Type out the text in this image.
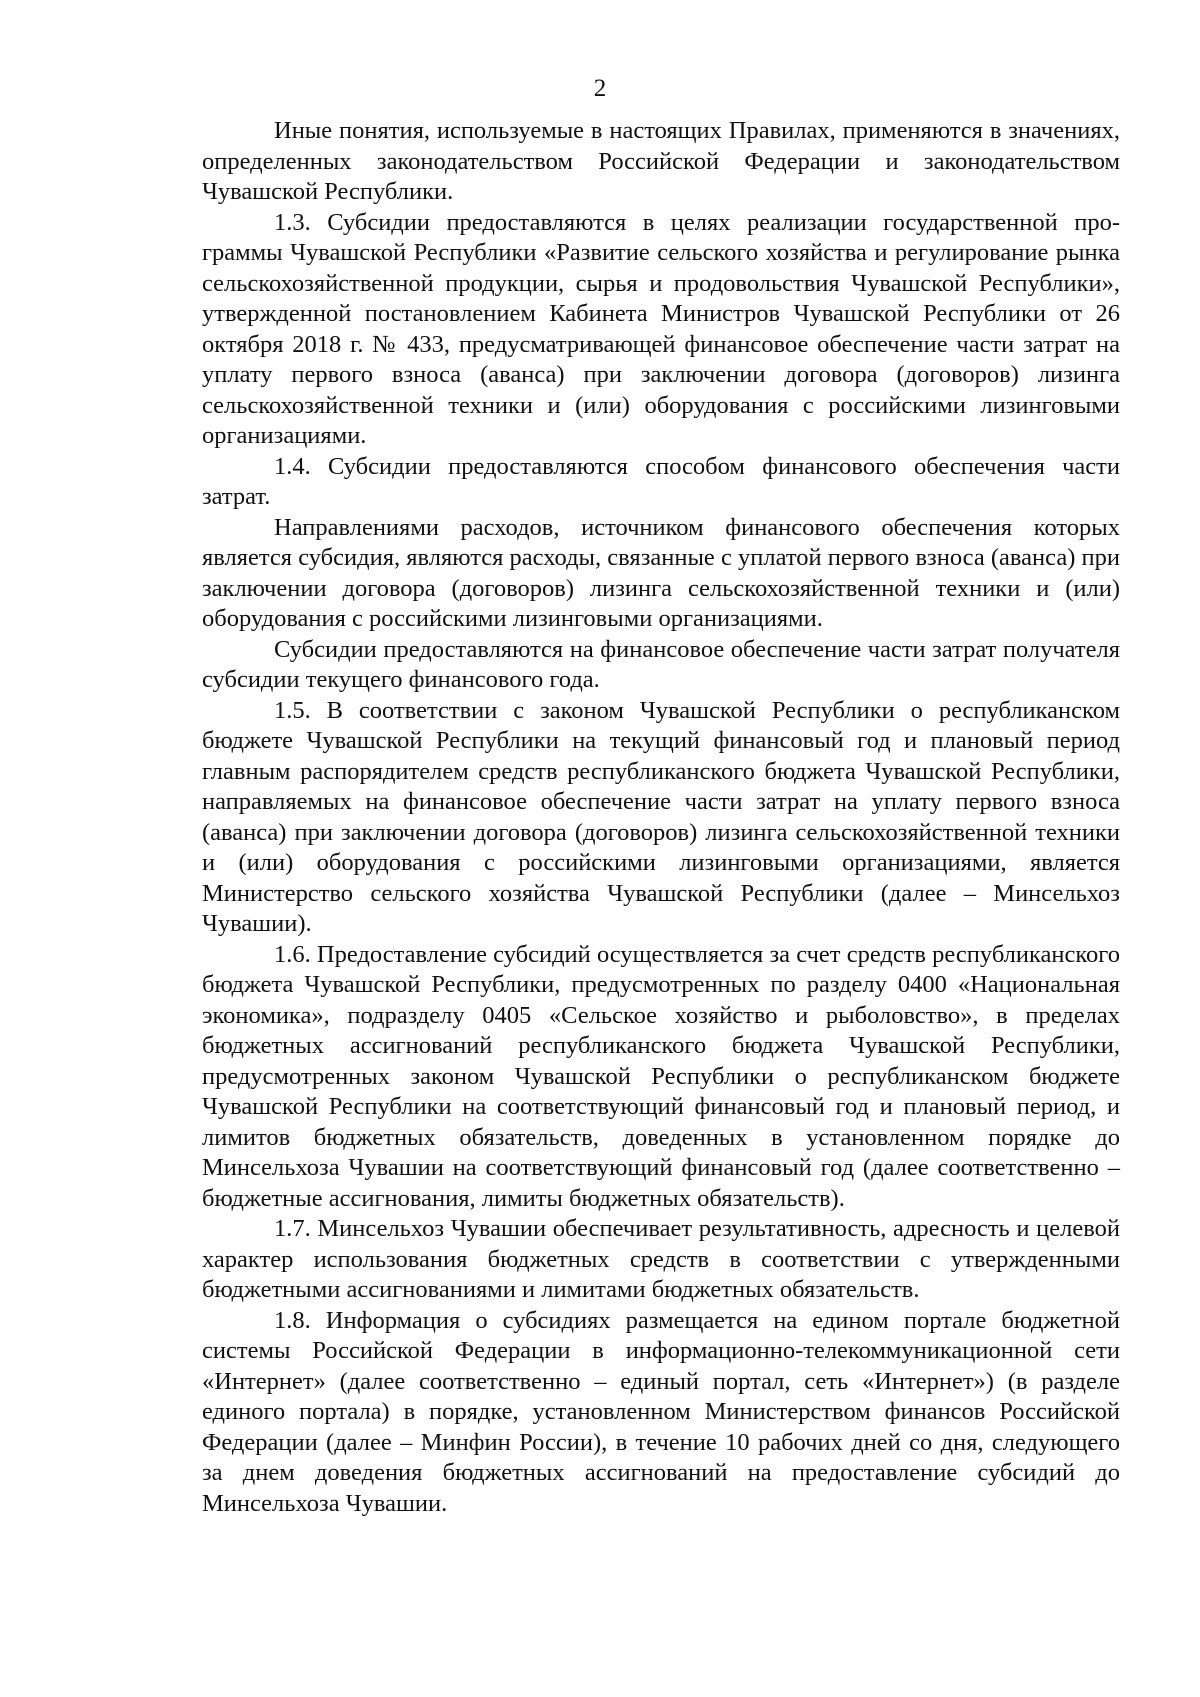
2

Иные понятия, используемые в настоящих Правилах, применяются в значениях, определенных законодательством Российской Федерации и законодательством Чувашской Республики.

1.3. Субсидии предоставляются в целях реализации государственной программы Чувашской Республики «Развитие сельского хозяйства и регулирование рынка сельскохозяйственной продукции, сырья и продовольствия Чувашской Республики», утвержденной постановлением Кабинета Министров Чувашской Республики от 26 октября 2018 г. № 433, предусматривающей финансовое обеспечение части затрат на уплату первого взноса (аванса) при заключении договора (договоров) лизинга сельскохозяйственной техники и (или) оборудования с российскими лизинговыми организациями.

1.4. Субсидии предоставляются способом финансового обеспечения части затрат.

Направлениями расходов, источником финансового обеспечения которых является субсидия, являются расходы, связанные с уплатой первого взноса (аванса) при заключении договора (договоров) лизинга сельскохозяйственной техники и (или) оборудования с российскими лизинговыми организациями.

Субсидии предоставляются на финансовое обеспечение части затрат получателя субсидии текущего финансового года.

1.5. В соответствии с законом Чувашской Республики о республиканском бюджете Чувашской Республики на текущий финансовый год и плановый период главным распорядителем средств республиканского бюджета Чувашской Республики, направляемых на финансовое обеспечение части затрат на уплату первого взноса (аванса) при заключении договора (договоров) лизинга сельскохозяйственной техники и (или) оборудования с российскими лизинговыми организациями, является Министерство сельского хозяйства Чувашской Республики (далее – Минсельхоз Чувашии).

1.6. Предоставление субсидий осуществляется за счет средств республиканского бюджета Чувашской Республики, предусмотренных по разделу 0400 «Национальная экономика», подразделу 0405 «Сельское хозяйство и рыболовство», в пределах бюджетных ассигнований республиканского бюджета Чувашской Республики, предусмотренных законом Чувашской Республики о республиканском бюджете Чувашской Республики на соответствующий финансовый год и плановый период, и лимитов бюджетных обязательств, доведенных в установленном порядке до Минсельхоза Чувашии на соответствующий финансовый год (далее соответственно – бюджетные ассигнования, лимиты бюджетных обязательств).

1.7. Минсельхоз Чувашии обеспечивает результативность, адресность и целевой характер использования бюджетных средств в соответствии с утвержденными бюджетными ассигнованиями и лимитами бюджетных обязательств.

1.8. Информация о субсидиях размещается на едином портале бюджетной системы Российской Федерации в информационно-телекоммуникационной сети «Интернет» (далее соответственно – единый портал, сеть «Интернет») (в разделе единого портала) в порядке, установленном Министерством финансов Российской Федерации (далее – Минфин России), в течение 10 рабочих дней со дня, следующего за днем доведения бюджетных ассигнований на предоставление субсидий до Минсельхоза Чувашии.
